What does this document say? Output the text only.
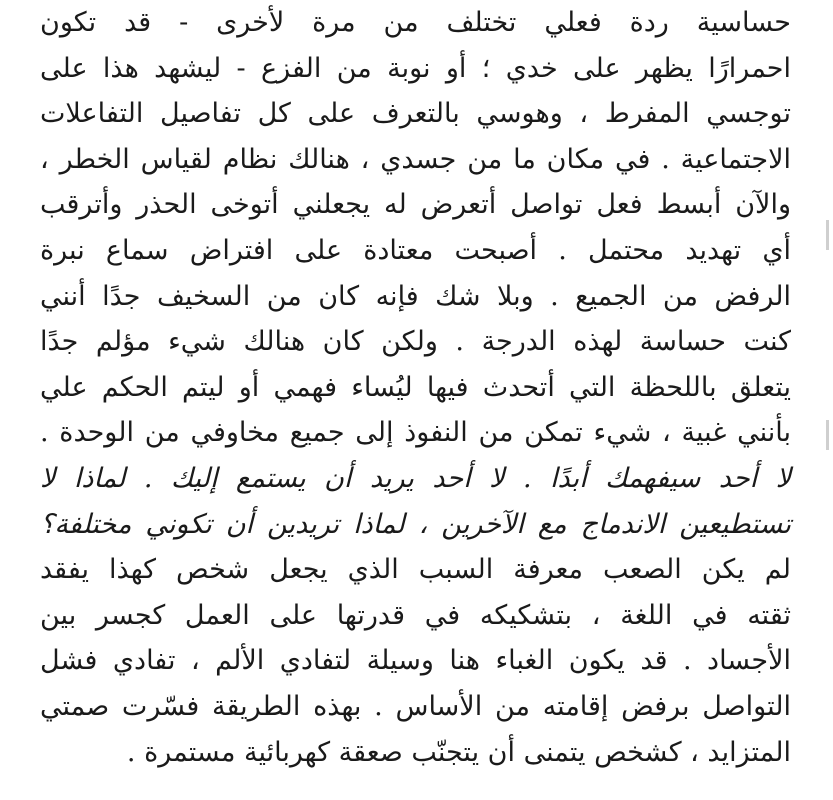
حساسية ردة فعلي تختلف من مرة لأخرى - قد تكون
احمرارًا يظهر على خدي ؛ أو نوبة من الفزع - ليشهد هذا على
توجسي المفرط ، وهوسي بالتعرف على كل تفاصيل التفاعلات
الاجتماعية . في مكان ما من جسدي ، هنالك نظام لقياس الخطر ،
والآن أبسط فعل تواصل أتعرض له يجعلني أتوخى الحذر وأترقب
أي تهديد محتمل . أصبحت معتادة على افتراض سماع نبرة
الرفض من الجميع . وبلا شك فإنه كان من السخيف جدًا أنني
كنت حساسة لهذه الدرجة . ولكن كان هنالك شيء مؤلم جدًا
يتعلق باللحظة التي أتحدث فيها ليُساء فهمي أو ليتم الحكم علي
بأنني غبية ، شيء تمكن من النفوذ إلى جميع مخاوفي من الوحدة .
لا أحد سيفهمك أبدًا . لا أحد يريد أن يستمع إليك . لماذا لا
تستطيعين الاندماج مع الآخرين ، لماذا تريدين أن تكوني مختلفة؟
لم يكن الصعب معرفة السبب الذي يجعل شخص كهذا يفقد
ثقته في اللغة ، بتشكيكه في قدرتها على العمل كجسر بين
الأجساد . قد يكون الغباء هنا وسيلة لتفادي الألم ، تفادي فشل
التواصل برفض إقامته من الأساس . بهذه الطريقة فسّرت صمتي
المتزايد ، كشخص يتمنى أن يتجنّب صعقة كهربائية مستمرة .
